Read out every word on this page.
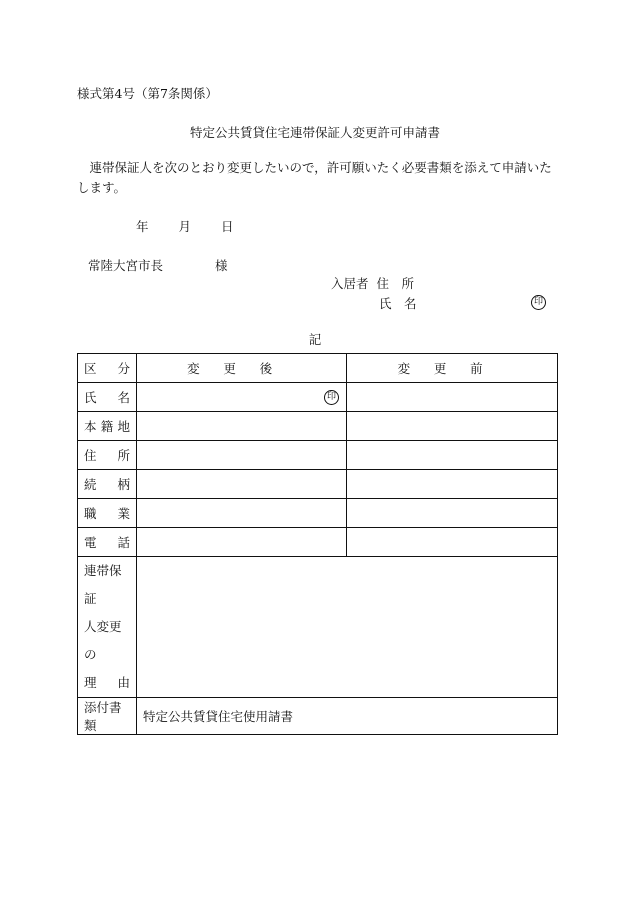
様式第4号（第7条関係）
特定公共賃貸住宅連帯保証人変更許可申請書
連帯保証人を次のとおり変更したいので，許可願いたく必要書類を添えて申請いたします。
年 月 日
常陸大宮市長	様
入居者 住　所
氏　名	印
記
区　分	変更後	変更前
氏　名	印	

本籍地		
住　所		
続　柄		
職　業		
電　話		

連帯保証
人変更の
理　由		

添付書類	特定公共賃貸住宅使用請書	
